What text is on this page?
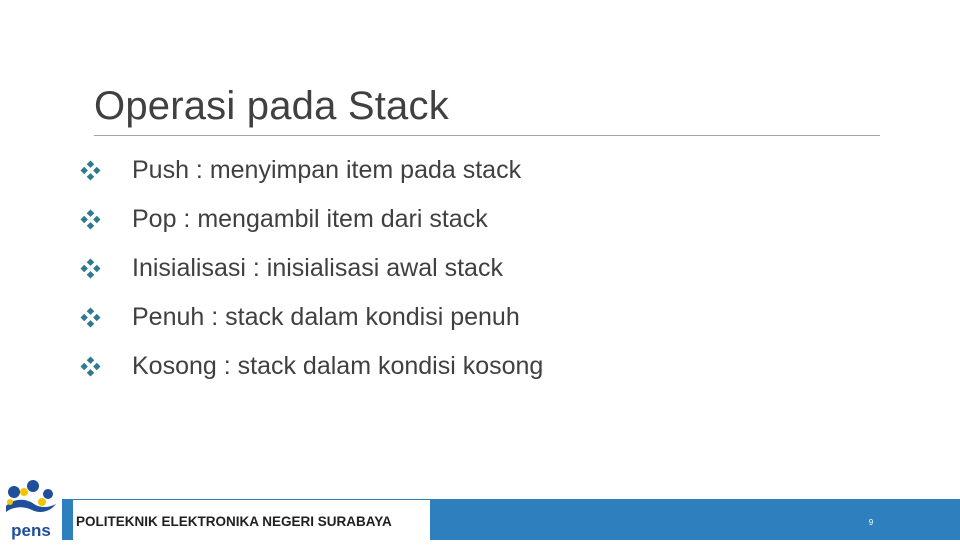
Operasi pada Stack
Push : menyimpan item pada stack
Pop : mengambil item dari stack
Inisialisasi : inisialisasi awal stack
Penuh : stack dalam kondisi penuh
Kosong : stack dalam kondisi kosong
pens POLITEKNIK ELEKTRONIKA NEGERI SURABAYA	9
